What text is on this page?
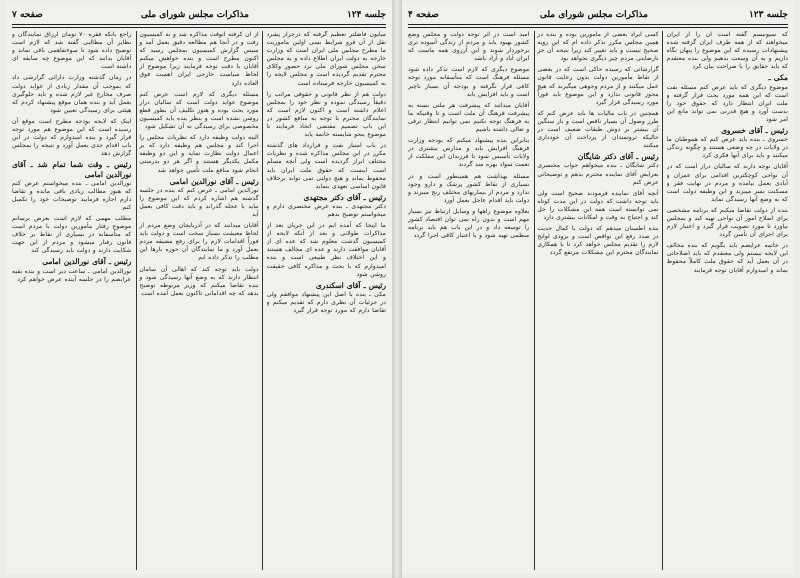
جلسه ۱۲۴
مذاکرات مجلس شورای ملی
صفحه ۷
میایون فاضلتر تعطیم گرفته که درجزار پشرد نقل از آن فرو شرایط بسی اولین ماموریت ما مطرح مجلس ملی ایران است که وزارت خارجه به دولت ایران اطلاع داده و به مجلس سخن مجلس شورای ملی نزد حضور وکلای محترم تقدیم گردیده است و مجلس لایحه را به کمیسیون خارجه فرستاده است
دولت هم از نظر قانونی و حقوقی مراتب را دقیقاً رسیدگی نموده و نظر خود را بمجلس اعلام داشته است و اکنون لازم است که نمایندگان محترم با توجه به منافع کشور در این باب تصمیم مقتضی اتخاذ فرمایند تا موضوع بنحو شایسته خاتمه یابد
در باب امتیاز نفت و قرارداد های گذشته مکرر در این مجلس مذاکره شده و نظریات مختلف ابراز گردیده است ولی آنچه مسلم است اینست که حقوق ملت ایران باید محفوظ بماند و هیچ دولتی نمی تواند برخلاف قانون اساسی تعهدی بنماید
رئیس ـ آقای دکتر مجتهدی
دکتر مجتهدی ـ بنده عرض مختصری دارم و میخواستم توضیح بدهم
ما اینجا که آمده ایم در این جریان بعد از مذاکرات طولانی و بعد از آنکه لایحه از کمیسیون گذشت معلوم شد که عده ای از آقایان موافقت دارند و عده ای مخالف هستند و این اختلاف نظر طبیعی است و بنده امیدوارم که با بحث و مذاکره کافی حقیقت روشن شود
رئیس ـ آقای اسکندری
مکی ـ بنده با اصل این پیشنهاد موافقم ولی در جزئیات آن نظری دارم که تقدیم میکنم و تقاضا دارم که مورد توجه قرار گیرد
از آن کرفته آنوقت مذاکره شد و به کمیسیون رفت و در آنجا هم مطالعه دقیق بعمل آمد و سپس گزارش کمیسیون بمجلس رسید که اکنون مطرح است و بنده خواهش میکنم آقایان با دقت توجه فرمایند زیرا موضوع از لحاظ سیاست خارجی ایران اهمیت فوق العاده دارد
مسئله دیگری که لازم است عرض کنم موضوع عواید دولت است که سالیان دراز مورد بحث بوده و هنوز تکلیف آن بطور قطع روشن نشده است و بنظر بنده باید کمیسیون مخصوصی برای رسیدگی به آن تشکیل شود
البته دولت وظیفه دارد که نظریات مجلس را اجرا کند و مجلس هم وظیفه دارد که بر اعمال دولت نظارت نماید و این دو وظیفه مکمل یکدیگر هستند و اگر هر دو بدرستی انجام شود منافع ملت تأمین خواهد شد
رئیس ـ آقای نورالدین امامی
نورالدین امامی ـ عرض کنم که بنده در جلسه گذشته هم اشاره کردم که این موضوع را نباید با عجله گذراند و باید دقت کافی بعمل آید
آقایان میدانند که در آذربایجان وضع مردم از لحاظ معیشت بسیار سخت است و دولت باید فوراً اقدامات لازم را برای رفع مضیقه مردم بعمل آورد و ما نمایندگان آن حوزه بارها این مطلب را تذکر داده ایم
دولت باید توجه کند که اهالی آن سامان انتظار دارند که به وضع آنها رسیدگی شود و بنده تقاضا میکنم که وزیر مربوطه توضیح بدهد که چه اقداماتی تاکنون بعمل آمده است
راجع بآنکه فقره ۷۰ تومان ارزاق نمایندگان و نظایر آن مطالبی گفته شد که لازم است توضیح داده شود تا سوءتفاهمی باقی نماند و آقایان بدانند که این موضوع چه سابقه ای داشته است
در زمان گذشته وزارت دارائی گزارشی داد که بموجب آن مقدار زیادی از عواید دولت صرف مخارج غیر لازم شده و باید جلوگیری بعمل آید و بنده همان موقع پیشنهاد کردم که هیئتی برای رسیدگی تعیین شود
اینک که لایحه بودجه مطرح است موقع آن رسیده است که این موضوع هم مورد توجه قرار گیرد و بنده امیدوارم که دولت در این باب اقدام جدی بعمل آورد و نتیجه را بمجلس گزارش دهد
رئیس ـ وقت شما تمام شد ـ آقای نورالدین امامی
نورالدین امامی ـ بنده میخواستم عرض کنم که هنوز مطالب زیادی باقی مانده و تقاضا دارم اجازه فرمایید توضیحات خود را تکمیل کنم
مطلب مهمی که لازم است بعرض برسانم موضوع رفتار مأمورین دولت با مردم است که متأسفانه در بسیاری از نقاط بر خلاف قانون رفتار میشود و مردم از این جهت شکایت دارند و دولت باید رسیدگی کند
رئیس ـ آقای نورالدین امامی
نورالدین امامی ـ ساعت دیر است و بنده بقیه عرایضم را در جلسه آینده عرض خواهم کرد
جلسه ۱۲۳
مذاکرات مجلس شورای ملی
صفحه ۴
که سیونیسم گفته است آن را از ایران میخواهند که از همه طرف ایران گرفته شده پیشنهادات رسیده که این موضوع را پنهان نگاه داریم و به آن وسعت بدهیم ولی بنده معتقدم که باید حقایق را با صراحت بیان کرد
مکی ـ
موضوع دیگری که باید عرض کنم مسئله نفت است که این همه مورد بحث قرار گرفته و ملت ایران انتظار دارد که حقوق خود را بدست آورد و هیچ قدرتی نمی تواند مانع این امر شود
رئیس ـ آقای خسروی
خسروی ـ بنده باید عرض کنم که هموطنان ما در ولایات در چه وضعی هستند و چگونه زندگی میکنند و باید برای آنها فکری کرد
آقایان توجه دارند که سالیان دراز است که در آن نواحی کوچکترین اقدامی برای عمران و آبادی بعمل نیامده و مردم در نهایت فقر و مسکنت بسر میبرند و این وظیفه دولت است که به وضع آنها رسیدگی نماید
بنده از دولت تقاضا میکنم که برنامه مشخصی برای اصلاح امور آن نواحی تهیه کند و بمجلس بیاورد تا مورد تصویب قرار گیرد و اعتبار لازم برای اجرای آن تأمین گردد
در خاتمه عرایضم باید بگویم که بنده مخالف این لایحه نیستم ولی معتقدم که باید اصلاحاتی در آن بعمل آید که حقوق ملت کاملاً محفوظ بماند و امیدوارم آقایان توجه فرمایند
کسی ایراد بعضی از مأمورین بوده و بنده در همین مجلس مکرر تذکر داده ام که این رویه صحیح نیست و باید تغییر کند زیرا نتیجه آن جز نارضایتی مردم چیز دیگری نخواهد بود
گزارشاتی که رسیده حاکی است که در بعضی از نقاط مأمورین دولت بدون رعایت قانون عمل میکنند و از مردم وجوهی میگیرند که هیچ مجوز قانونی ندارد و این موضوع باید فوراً مورد رسیدگی قرار گیرد
همچنین در باب مالیات ها باید عرض کنم که طرز وصول آن بسیار ناقص است و بار سنگین آن بیشتر بر دوش طبقات ضعیف است در حالیکه ثروتمندان از پرداخت آن خودداری میکنند
رئیس ـ آقای دکتر شایگان
دکتر شایگان ـ بنده میخواهم جواب مختصری بعرایض آقای نماینده محترم بدهم و توضیحاتی عرض کنم
آنچه آقای نماینده فرمودند صحیح است ولی باید توجه داشت که دولت در این مدت کوتاه نمی توانسته است همه این مشکلات را حل کند و احتیاج به وقت و امکانات بیشتری دارد
بنده اطمینان میدهم که دولت با کمال جدیت در صدد رفع این نواقص است و بزودی لوایح لازم را تقدیم مجلس خواهد کرد تا با همکاری نمایندگان محترم این مشکلات مرتفع گردد
امید است در اثر توجه دولت و مجلس وضع کشور بهبود یابد و مردم از زندگی آسوده تری برخوردار شوند و این آرزوی همه ماست که ایران آباد و آزاد باشد
موضوع دیگری که لازم است تذکر داده شود مسئله فرهنگ است که متأسفانه مورد توجه کافی قرار نگرفته و بودجه آن بسیار ناچیز است و باید افزایش یابد
آقایان میدانند که پیشرفت هر ملتی بسته به پیشرفت فرهنگ آن ملت است و تا وقتیکه ما به فرهنگ توجه نکنیم نمی توانیم انتظار ترقی و تعالی داشته باشیم
بنابراین بنده پیشنهاد میکنم که بودجه وزارت فرهنگ افزایش یابد و مدارس بیشتری در ولایات تأسیس شود تا فرزندان این مملکت از نعمت سواد بهره مند گردند
مسئله بهداشت هم همینطور است و در بسیاری از نقاط کشور پزشک و دارو وجود ندارد و مردم از بیماریهای مختلف رنج میبرند و دولت باید اقدام عاجل بعمل آورد
بعلاوه موضوع راهها و وسایل ارتباط نیز بسیار مهم است و بدون راه نمی توان اقتصاد کشور را توسعه داد و در این باب هم باید برنامه منظمی تهیه شود و با اعتبار کافی اجرا گردد
